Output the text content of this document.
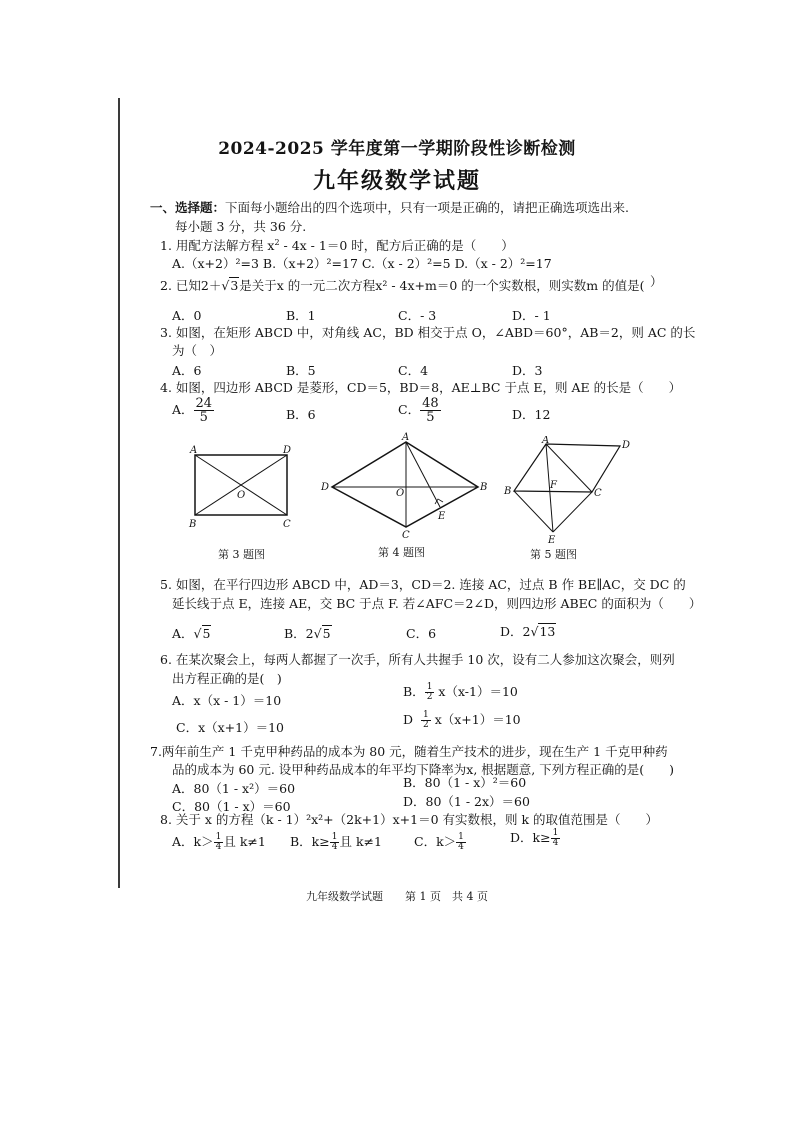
2024-2025 学年度第一学期阶段性诊断检测
九年级数学试题
一、选择题：下面每小题给出的四个选项中，只有一项是正确的，请把正确选项选出来.
每小题 3 分，共 36 分.
1. 用配方法解方程 $x^2 - 4x - 1=0$ 时，配方后正确的是（　　）
A.（x+2）²=3 B.（x+2）²=17 C.（x - 2）²=5 D.（x - 2）²=17
2. 已知2＋√3是关于x 的一元二次方程x² - 4x+m＝0 的一个实数根，则实数m 的值是( ）
A．0	B．1	C．- 3	D．- 1
3. 如图，在矩形 ABCD 中，对角线 AC，BD 相交于点 O，∠ABD＝60°，AB＝2，则 AC 的长
为（　）
A．6	B．5	C．4	D．3
4. 如图，四边形 ABCD 是菱形，CD＝5，BD＝8，AE⊥BC 于点 E，则 AE 的长是（　　）
A． $\frac{24}{5}$	B．6	C． $\frac{48}{5}$	D．12
A	D
B	C
O
第 3 题图
A
B
C
D
O
E
第 4 题图
A	D
B	C
F
E
第 5 题图
5. 如图，在平行四边形 ABCD 中，AD＝3，CD＝2. 连接 AC，过点 B 作 BE∥AC，交 DC 的
延长线于点 E，连接 AE，交 BC 于点 F. 若∠AFC＝2∠D，则四边形 ABEC 的面积为（　　）
A．√5	B．2√5	C．6	D．2√13
6. 在某次聚会上，每两人都握了一次手，所有人共握手 10 次，设有二人参加这次聚会，则列
出方程正确的是(　)
A．x（x - 1）＝10
B． $\frac{1}{2} x(x-1)=10$
C．x（x+1）＝10
D $\frac{1}{2} x(x+1)=10$
7.两年前生产 1 千克甲种药品的成本为 80 元，随着生产技术的进步，现在生产 1 千克甲种药
品的成本为 60 元. 设甲种药品成本的年平均下降率为x, 根据题意, 下列方程正确的是(　　)
A．80（1 - x²）＝60	B．80（1 - x）²＝60
C．80（1 - x）＝60	D．80（1 - 2x）＝60
8. 关于 x 的方程（k - 1）²x²+（2k+1）x+1＝0 有实数根，则 k 的取值范围是（　　）
A．$k> \frac{1}{4}$ 且 k≠1 B．$k\ge \frac{1}{4}$ 且 k≠1	C．$k> \frac{1}{4}$	D．$k\ge \frac{1}{4}$
九年级数学试题　　第 1 页　共 4 页
